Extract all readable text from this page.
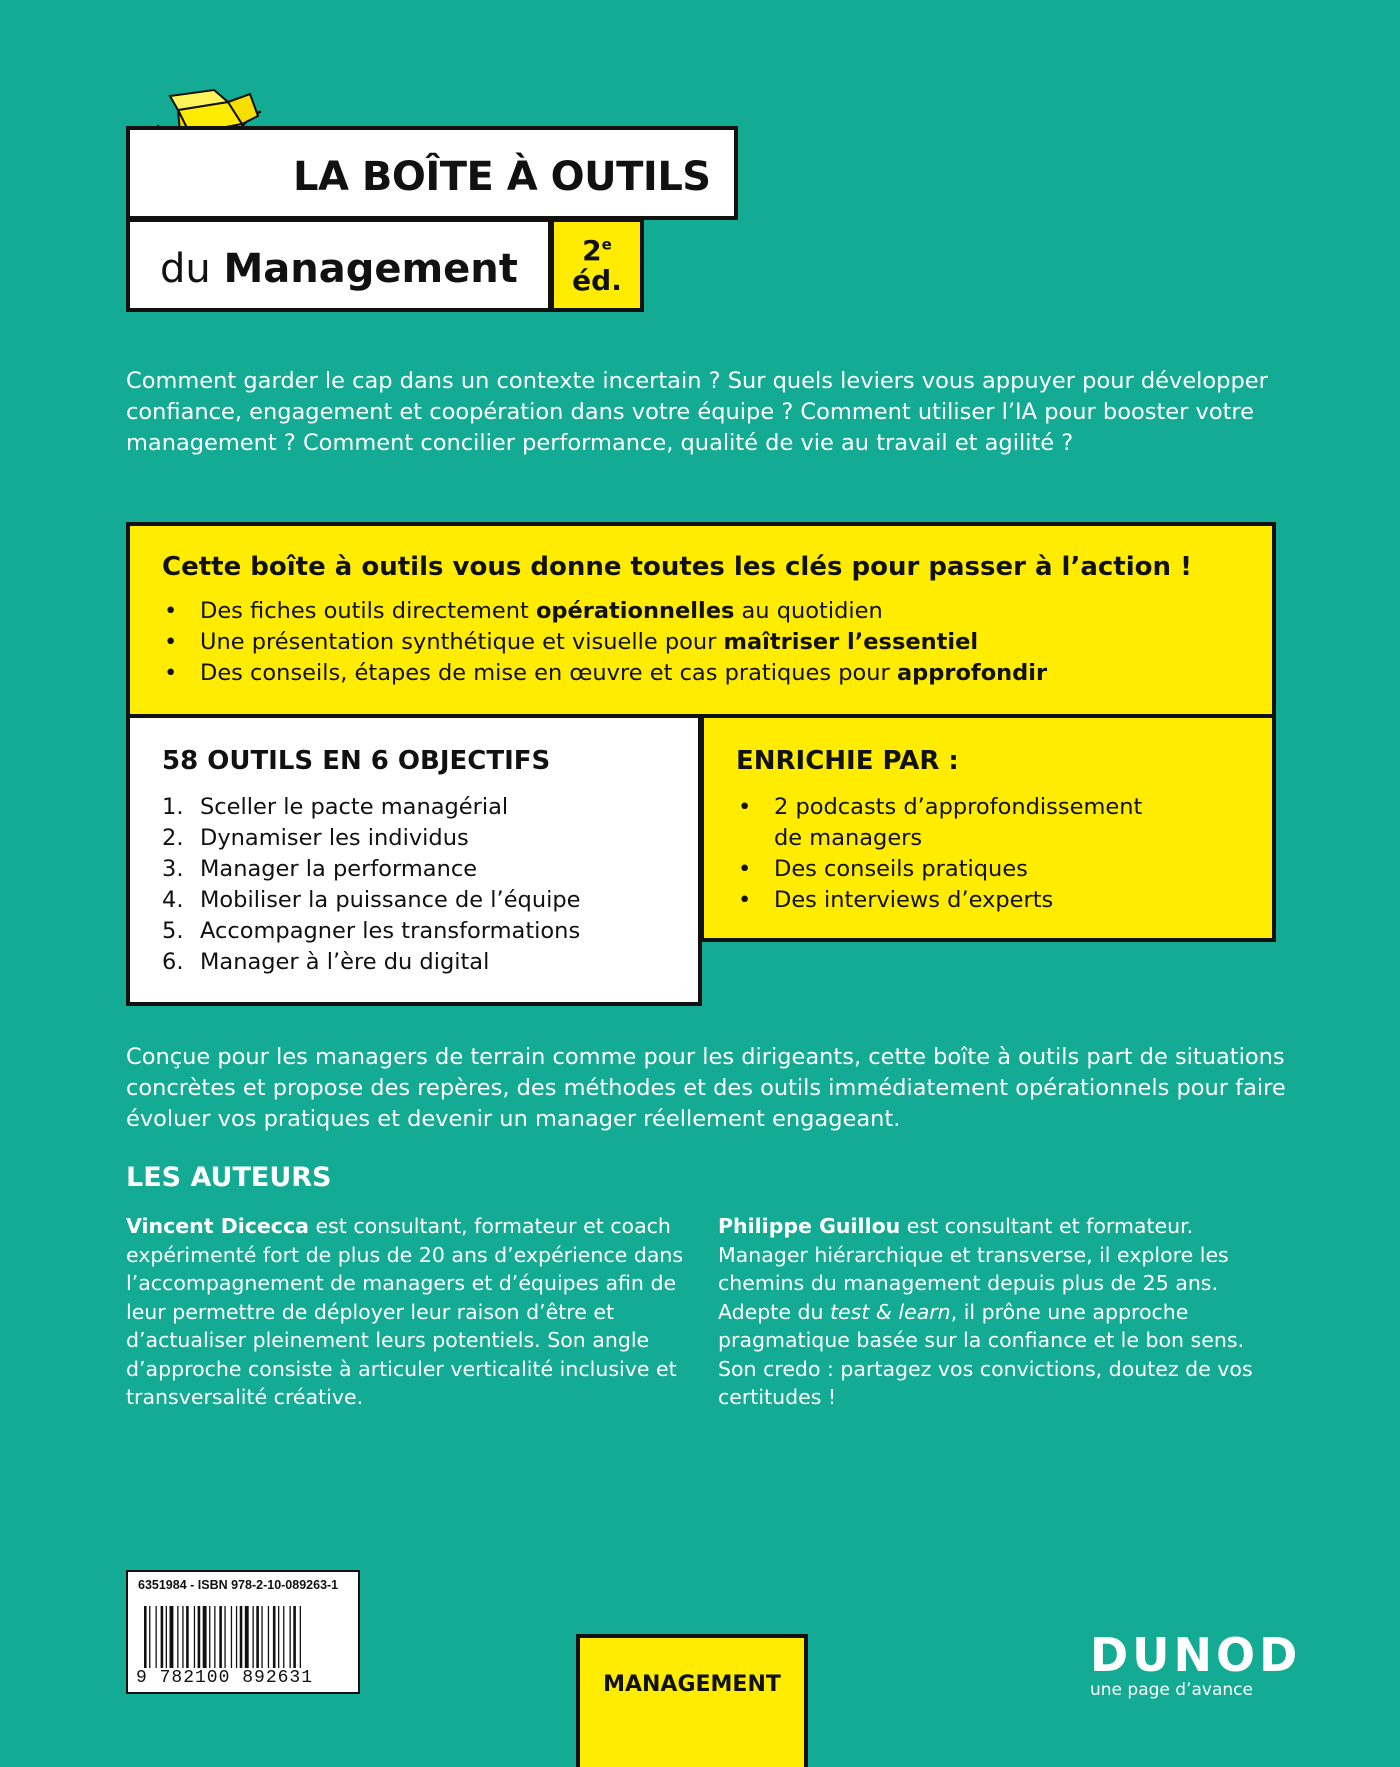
LA BOÎTE À OUTILS
du Management	2e
éd.

Comment garder le cap dans un contexte incertain ? Sur quels leviers vous appuyer pour développer confiance, engagement et coopération dans votre équipe ? Comment utiliser l’IA pour booster votre management ? Comment concilier performance, qualité de vie au travail et agilité ?

Cette boîte à outils vous donne toutes les clés pour passer à l’action !
• Des fiches outils directement opérationnelles au quotidien
• Une présentation synthétique et visuelle pour maîtriser l’essentiel
• Des conseils, étapes de mise en œuvre et cas pratiques pour approfondir
58 OUTILS EN 6 OBJECTIFS
1. Sceller le pacte managérial
2. Dynamiser les individus
3. Manager la performance
4. Mobiliser la puissance de l’équipe
5. Accompagner les transformations
6. Manager à l’ère du digital
ENRICHIE PAR :
• 2 podcasts d’approfondissement de managers
• Des conseils pratiques
• Des interviews d’experts

Conçue pour les managers de terrain comme pour les dirigeants, cette boîte à outils part de situations concrètes et propose des repères, des méthodes et des outils immédiatement opérationnels pour faire évoluer vos pratiques et devenir un manager réellement engageant.

LES AUTEURS

Vincent Dicecca est consultant, formateur et coach expérimenté fort de plus de 20 ans d’expérience dans l’accompagnement de managers et d’équipes afin de leur permettre de déployer leur raison d’être et d’actualiser pleinement leurs potentiels. Son angle d’approche consiste à articuler verticalité inclusive et transversalité créative.

Philippe Guillou est consultant et formateur. Manager hiérarchique et transverse, il explore les chemins du management depuis plus de 25 ans. Adepte du test & learn, il prône une approche pragmatique basée sur la confiance et le bon sens. Son credo : partagez vos convictions, doutez de vos certitudes !

6351984 - ISBN 978-2-10-089263-1
9 782100 892631	MANAGEMENT
DUNOD
une page d’avance
